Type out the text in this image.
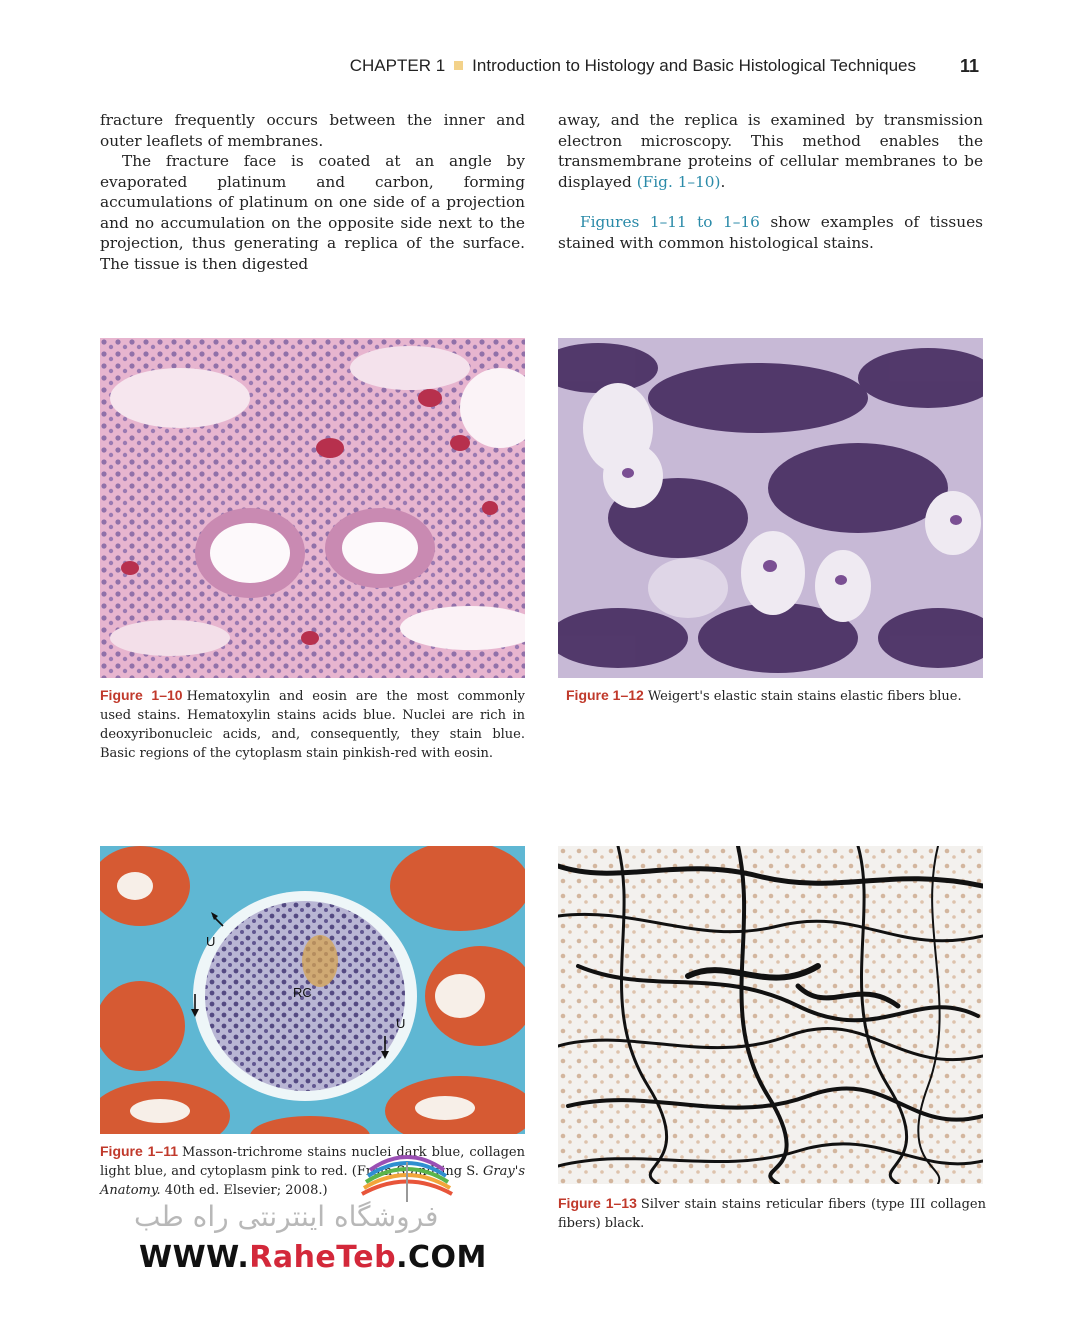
CHAPTER 1 Introduction to Histology and Basic Histological Techniques 11

fracture frequently occurs between the inner and outer leaflets of membranes.

The fracture face is coated at an angle by evaporated platinum and carbon, forming accumulations of platinum on one side of a projection and no accumulation on the opposite side next to the projection, thus generating a replica of the surface. The tissue is then digested

away, and the replica is examined by transmission electron microscopy. This method enables the transmembrane proteins of cellular membranes to be displayed (Fig. 1–10).

Figures 1–11 to 1–16 show examples of tissues stained with common histological stains.

Figure 1–10 Hematoxylin and eosin are the most commonly used stains. Hematoxylin stains acids blue. Nuclei are rich in deoxyribonucleic acids, and, consequently, they stain blue. Basic regions of the cytoplasm stain pinkish-red with eosin.
Figure 1–12 Weigert's elastic stain stains elastic fibers blue.
U
RC
U
Figure 1–11 Masson-trichrome stains nuclei dark blue, collagen light blue, and cytoplasm pink to red. (From Standring S. Gray's Anatomy. 40th ed. Elsevier; 2008.)
Figure 1–13 Silver stain stains reticular fibers (type III collagen fibers) black.
فروشگاه اینترنتی راه طب
WWW.RaheTeb.COM
